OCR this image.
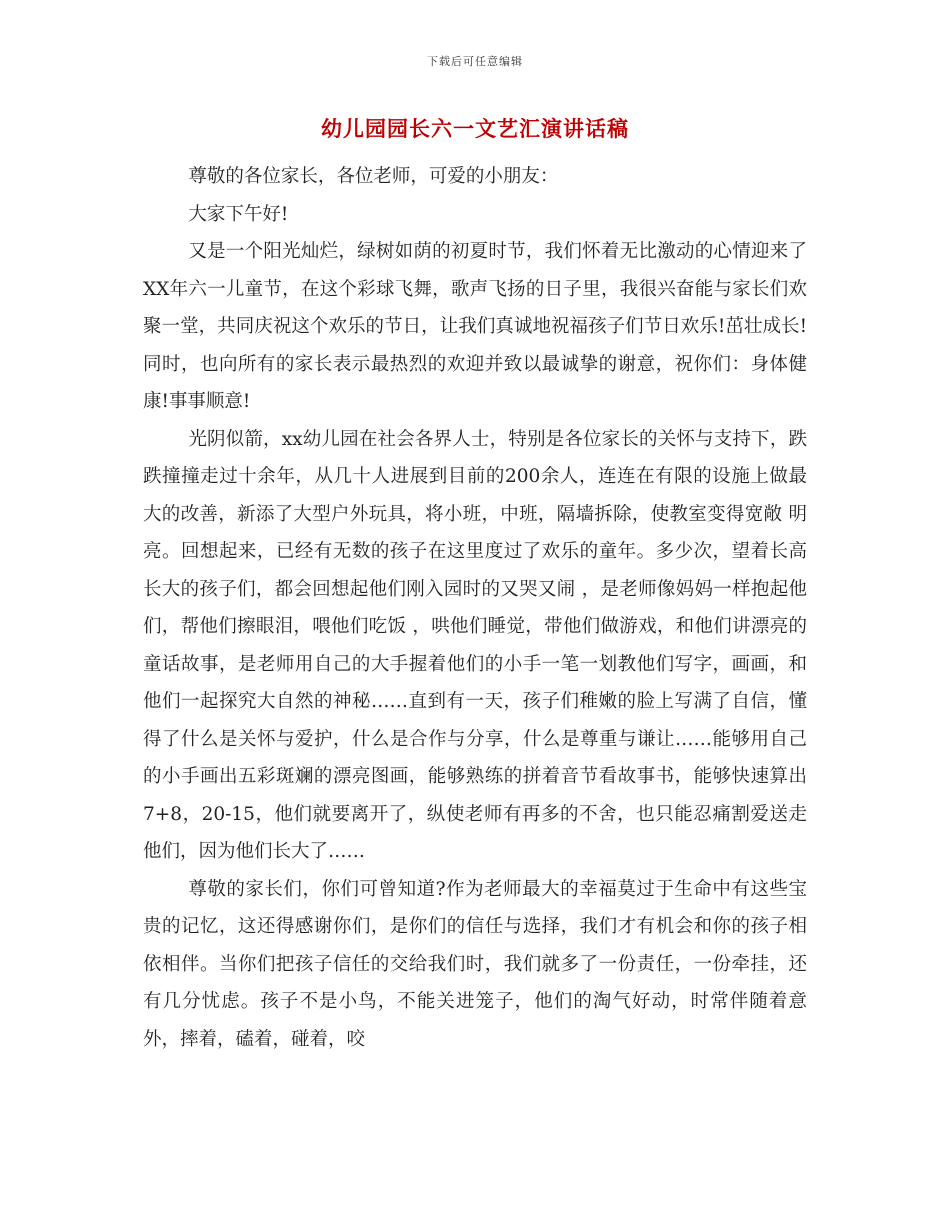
下载后可任意编辑
幼儿园园长六一文艺汇演讲话稿

尊敬的各位家长，各位老师，可爱的小朋友：

大家下午好!

又是一个阳光灿烂，绿树如荫的初夏时节，我们怀着无比激动的心情迎来了XX年六一儿童节，在这个彩球飞舞，歌声飞扬的日子里，我很兴奋能与家长们欢聚一堂，共同庆祝这个欢乐的节日，让我们真诚地祝福孩子们节日欢乐!茁壮成长!同时，也向所有的家长表示最热烈的欢迎并致以最诚挚的谢意，祝你们：身体健康!事事顺意!

光阴似箭，xx幼儿园在社会各界人士，特别是各位家长的关怀与支持下，跌跌撞撞走过十余年，从几十人进展到目前的200余人，连连在有限的设施上做最大的改善，新添了大型户外玩具，将小班，中班，隔墙拆除，使教室变得宽敞 明亮。回想起来，已经有无数的孩子在这里度过了欢乐的童年。多少次，望着长高长大的孩子们，都会回想起他们刚入园时的又哭又闹 ，是老师像妈妈一样抱起他们，帮他们擦眼泪，喂他们吃饭 ，哄他们睡觉，带他们做游戏，和他们讲漂亮的童话故事，是老师用自己的大手握着他们的小手一笔一划教他们写字，画画，和他们一起探究大自然的神秘……直到有一天，孩子们稚嫩的脸上写满了自信，懂得了什么是关怀与爱护，什么是合作与分享，什么是尊重与谦让……能够用自己的小手画出五彩斑斓的漂亮图画，能够熟练的拼着音节看故事书，能够快速算出7+8，20-15，他们就要离开了，纵使老师有再多的不舍，也只能忍痛割爱送走他们，因为他们长大了……

尊敬的家长们，你们可曾知道?作为老师最大的幸福莫过于生命中有这些宝贵的记忆，这还得感谢你们，是你们的信任与选择，我们才有机会和你的孩子相依相伴。当你们把孩子信任的交给我们时，我们就多了一份责任，一份牵挂，还有几分忧虑。孩子不是小鸟，不能关进笼子，他们的淘气好动，时常伴随着意外，摔着，磕着，碰着，咬
